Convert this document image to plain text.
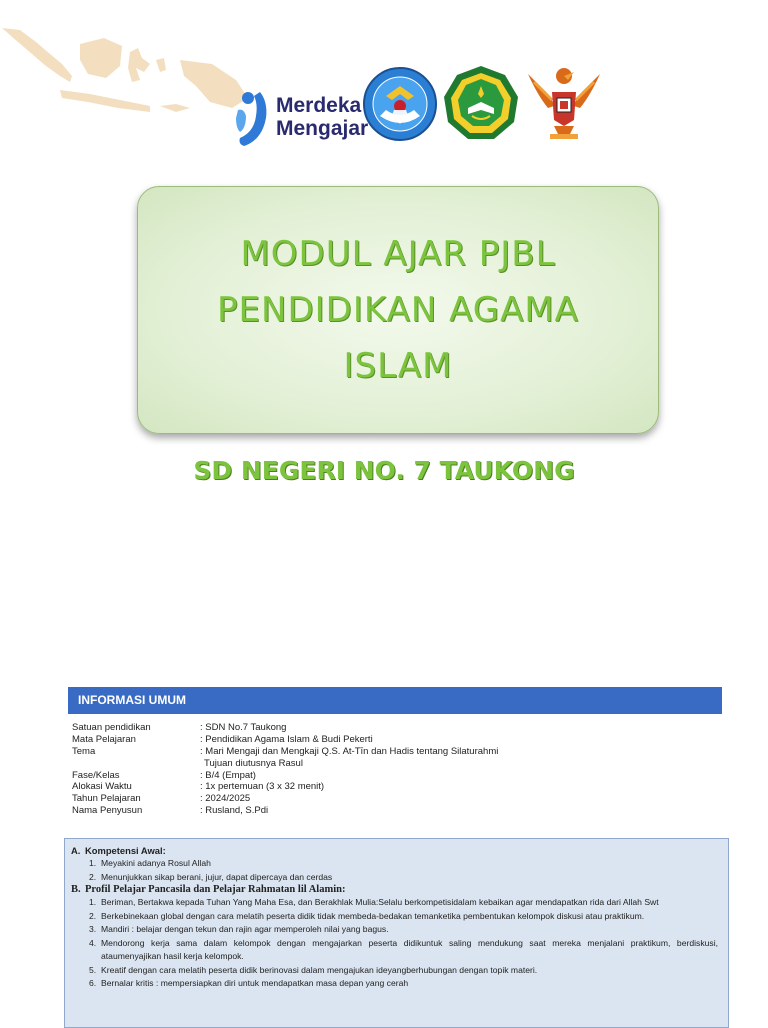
Merdeka
Mengajar
MODUL AJAR PJBL
PENDIDIKAN AGAMA
ISLAM
SD NEGERI NO. 7 TAUKONG
INFORMASI UMUM
Satuan pendidikan	: SDN No.7 Taukong
Mata Pelajaran	: Pendidikan Agama Islam & Budi Pekerti
Tema	: Mari Mengaji dan Mengkaji Q.S. At-Tīn dan Hadis tentang Silaturahmi
Tujuan diutusnya Rasul
Fase/Kelas	: B/4 (Empat)
Alokasi Waktu	: 1x pertemuan (3 x 32 menit)
Tahun Pelajaran	: 2024/2025
Nama Penyusun	: Rusland, S.Pdi
A. Kompetensi Awal:
1. Meyakini adanya Rosul Allah
2. Menunjukkan sikap berani, jujur, dapat dipercaya dan cerdas
B. Profil Pelajar Pancasila dan Pelajar Rahmatan lil Alamin:
1. Beriman, Bertakwa kepada Tuhan Yang Maha Esa, dan Berakhlak Mulia:Selalu berkompetisidalam kebaikan agar mendapatkan rida dari Allah Swt
2. Berkebinekaan global dengan cara melatih peserta didik tidak membeda-bedakan temanketika pembentukan kelompok diskusi atau praktikum.
3. Mandiri : belajar dengan tekun dan rajin agar memperoleh nilai yang bagus.
4. Mendorong kerja sama dalam kelompok dengan mengajarkan peserta didikuntuk saling mendukung saat mereka menjalani praktikum, berdiskusi, ataumenyajikan hasil kerja kelompok.
5. Kreatif dengan cara melatih peserta didik berinovasi dalam mengajukan ideyangberhubungan dengan topik materi.
6. Bernalar kritis : mempersiapkan diri untuk mendapatkan masa depan yang cerah
